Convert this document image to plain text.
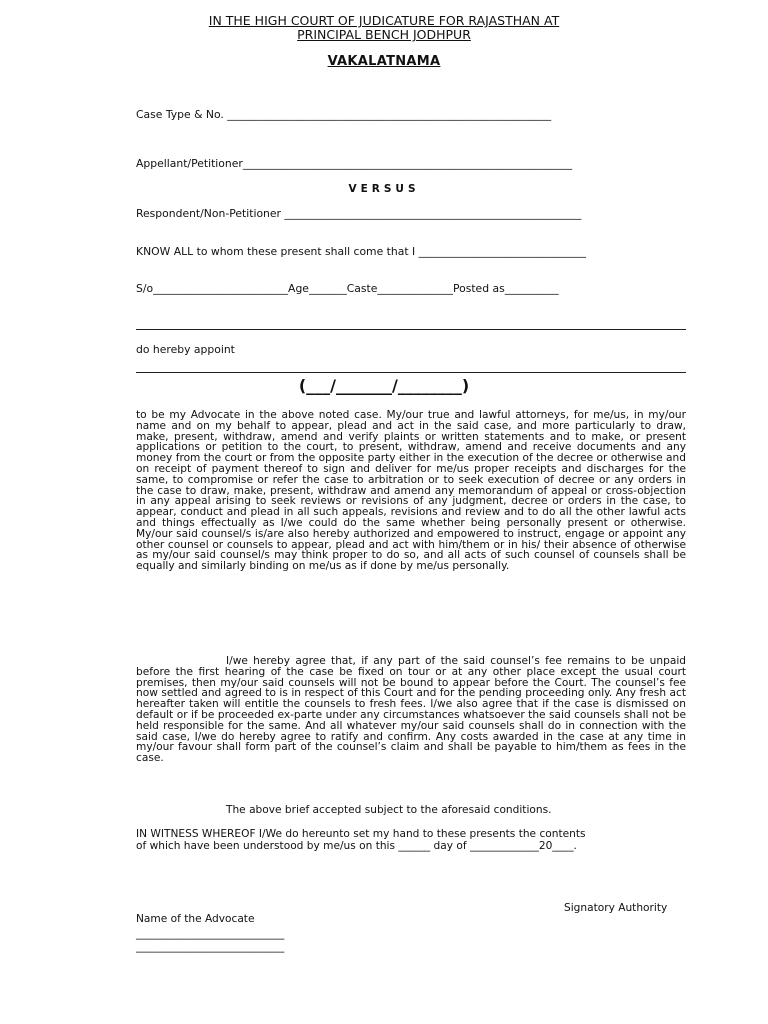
IN THE HIGH COURT OF JUDICATURE FOR RAJASTHAN AT
PRINCIPAL BENCH JODHPUR
VAKALATNAMA
Case Type & No. ____________________________________________________________
Appellant/Petitioner_____________________________________________________________
VERSUS
Respondent/Non-Petitioner _______________________________________________________
KNOW ALL to whom these present shall come that I _______________________________
S/o_________________________Age_______Caste______________Posted as__________
do hereby appoint
(___/_______/________)
to be my Advocate in the above noted case. My/our true and lawful attorneys, for me/us, in my/our name and on my behalf to appear, plead and act in the said case, and more particularly to draw, make, present, withdraw, amend and verify plaints or written statements and to make, or present applications or petition to the court, to present, withdraw, amend and receive documents and any money from the court or from the opposite party either in the execution of the decree or otherwise and on receipt of payment thereof to sign and deliver for me/us proper receipts and discharges for the same, to compromise or refer the case to arbitration or to seek execution of decree or any orders in the case to draw, make, present, withdraw and amend any memorandum of appeal or cross-objection in any appeal arising to seek reviews or revisions of any judgment, decree or orders in the case, to appear, conduct and plead in all such appeals, revisions and review and to do all the other lawful acts and things effectually as I/we could do the same whether being personally present or otherwise. My/our said counsel/s is/are also hereby authorized and empowered to instruct, engage or appoint any other counsel or counsels to appear, plead and act with him/them or in his/ their absence of otherwise as my/our said counsel/s may think proper to do so, and all acts of such counsel of counsels shall be equally and similarly binding on me/us as if done by me/us personally.
I/we hereby agree that, if any part of the said counsel’s fee remains to be unpaid before the first hearing of the case be fixed on tour or at any other place except the usual court premises, then my/our said counsels will not be bound to appear before the Court. The counsel’s fee now settled and agreed to is in respect of this Court and for the pending proceeding only. Any fresh act hereafter taken will entitle the counsels to fresh fees. I/we also agree that if the case is dismissed on default or if be proceeded ex-parte under any circumstances whatsoever the said counsels shall not be held responsible for the same. And all whatever my/our said counsels shall do in connection with the said case, I/we do hereby agree to ratify and confirm. Any costs awarded in the case at any time in my/our favour shall form part of the counsel’s claim and shall be payable to him/them as fees in the case.
The above brief accepted subject to the aforesaid conditions.
IN WITNESS WHEREOF I/We do hereunto set my hand to these presents the contents
of which have been understood by me/us on this ______ day of _____________20____.
Signatory Authority
Name of the Advocate
____________________________
____________________________
